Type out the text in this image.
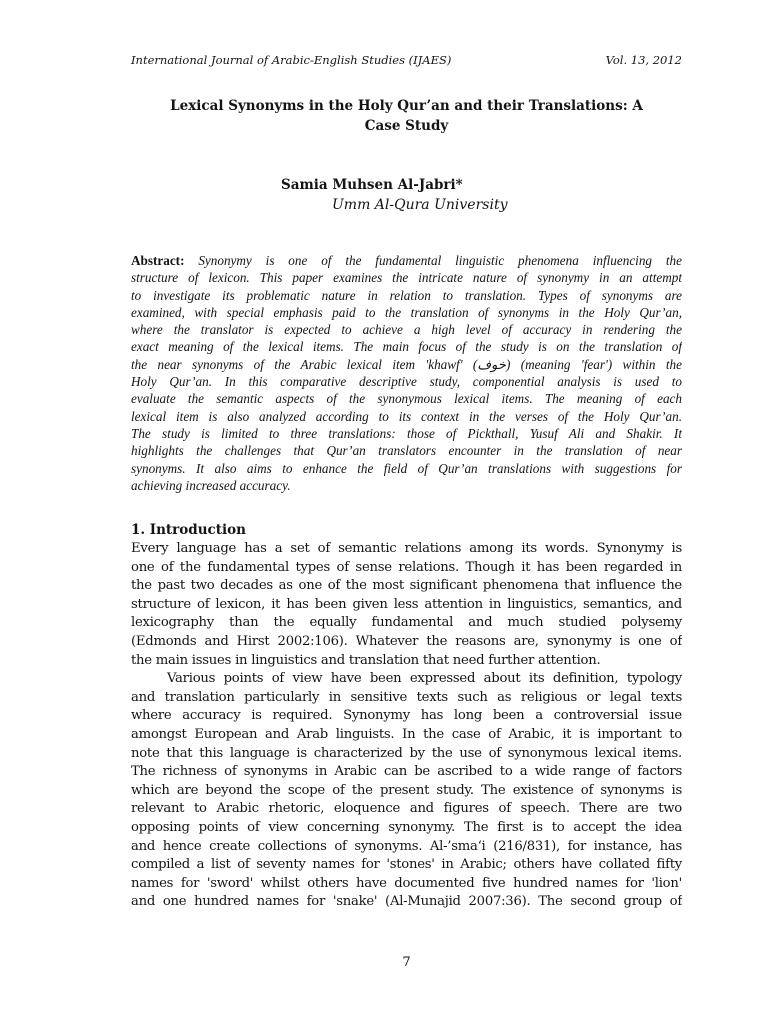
International Journal of Arabic-English Studies (IJAES)	Vol. 13, 2012
Lexical Synonyms in the Holy Qur’an and their Translations: A
Case Study
Samia Muhsen Al-Jabri*
Umm Al-Qura University
Abstract: Synonymy is one of the fundamental linguistic phenomena influencing the
structure of lexicon. This paper examines the intricate nature of synonymy in an attempt
to investigate its problematic nature in relation to translation. Types of synonyms are
examined, with special emphasis paid to the translation of synonyms in the Holy Qur’an,
where the translator is expected to achieve a high level of accuracy in rendering the
exact meaning of the lexical items. The main focus of the study is on the translation of
the near synonyms of the Arabic lexical item 'khawf' (خوف) (meaning 'fear') within the
Holy Qur’an. In this comparative descriptive study, componential analysis is used to
evaluate the semantic aspects of the synonymous lexical items. The meaning of each
lexical item is also analyzed according to its context in the verses of the Holy Qur’an.
The study is limited to three translations: those of Pickthall, Yusuf Ali and Shakir. It
highlights the challenges that Qur’an translators encounter in the translation of near
synonyms. It also aims to enhance the field of Qur’an translations with suggestions for
achieving increased accuracy.
1. Introduction
Every language has a set of semantic relations among its words. Synonymy is
one of the fundamental types of sense relations. Though it has been regarded in
the past two decades as one of the most significant phenomena that influence the
structure of lexicon, it has been given less attention in linguistics, semantics, and
lexicography than the equally fundamental and much studied polysemy
(Edmonds and Hirst 2002:106). Whatever the reasons are, synonymy is one of
the main issues in linguistics and translation that need further attention.
Various points of view have been expressed about its definition, typology
and translation particularly in sensitive texts such as religious or legal texts
where accuracy is required. Synonymy has long been a controversial issue
amongst European and Arab linguists. In the case of Arabic, it is important to
note that this language is characterized by the use of synonymous lexical items.
The richness of synonyms in Arabic can be ascribed to a wide range of factors
which are beyond the scope of the present study. The existence of synonyms is
relevant to Arabic rhetoric, eloquence and figures of speech. There are two
opposing points of view concerning synonymy. The first is to accept the idea
and hence create collections of synonyms. Al-’sma‘i (216/831), for instance, has
compiled a list of seventy names for 'stones' in Arabic; others have collated fifty
names for 'sword' whilst others have documented five hundred names for 'lion'
and one hundred names for 'snake' (Al-Munajid 2007:36). The second group of
7
